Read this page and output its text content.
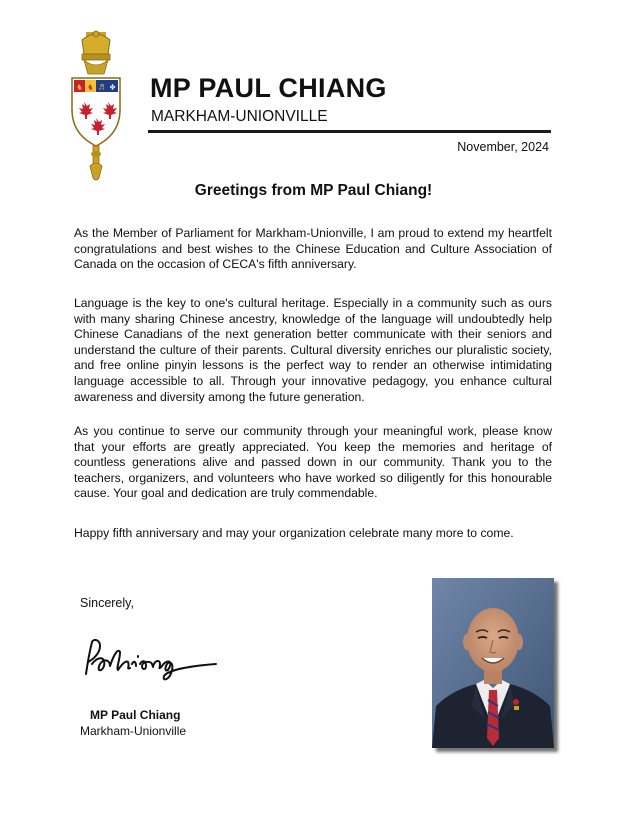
♞ ♞ ♬ ✤ MP PAUL CHIANG
MARKHAM-UNIONVILLE
November, 2024
Greetings from MP Paul Chiang!

As the Member of Parliament for Markham-Unionville, I am proud to extend my heartfelt congratulations and best wishes to the Chinese Education and Culture Association of Canada on the occasion of CECA's fifth anniversary.

Language is the key to one's cultural heritage. Especially in a community such as ours with many sharing Chinese ancestry, knowledge of the language will undoubtedly help Chinese Canadians of the next generation better communicate with their seniors and understand the culture of their parents. Cultural diversity enriches our pluralistic society, and free online pinyin lessons is the perfect way to render an otherwise intimidating language accessible to all. Through your innovative pedagogy, you enhance cultural awareness and diversity among the future generation.

As you continue to serve our community through your meaningful work, please know that your efforts are greatly appreciated. You keep the memories and heritage of countless generations alive and passed down in our community. Thank you to the teachers, organizers, and volunteers who have worked so diligently for this honourable cause. Your goal and dedication are truly commendable.

Happy fifth anniversary and may your organization celebrate many more to come.

Sincerely,
MP Paul Chiang
Markham-Unionville
